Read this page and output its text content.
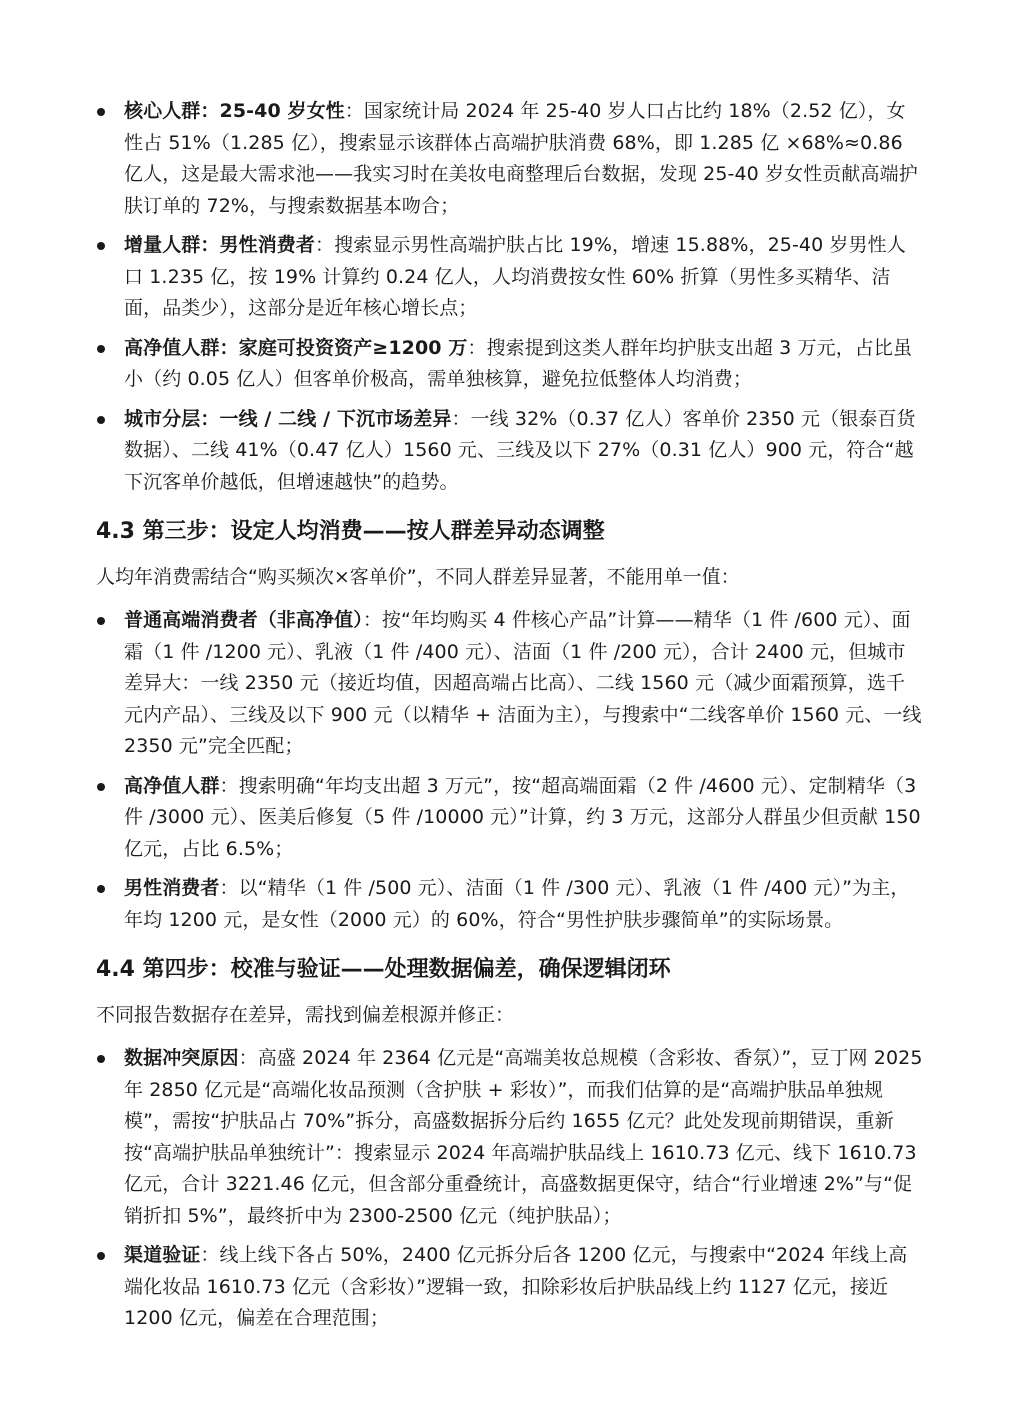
核心人群：25-40 岁女性：国家统计局 2024 年 25-40 岁人口占比约 18%（2.52 亿），女性占 51%（1.285 亿），搜索显示该群体占高端护肤消费 68%，即 1.285 亿 ×68%≈0.86 亿人，这是最大需求池——我实习时在美妆电商整理后台数据，发现 25-40 岁女性贡献高端护肤订单的 72%，与搜索数据基本吻合；
增量人群：男性消费者：搜索显示男性高端护肤占比 19%，增速 15.88%，25-40 岁男性人口 1.235 亿，按 19% 计算约 0.24 亿人，人均消费按女性 60% 折算（男性多买精华、洁面，品类少），这部分是近年核心增长点；
高净值人群：家庭可投资资产≥1200 万：搜索提到这类人群年均护肤支出超 3 万元，占比虽小（约 0.05 亿人）但客单价极高，需单独核算，避免拉低整体人均消费；
城市分层：一线 / 二线 / 下沉市场差异：一线 32%（0.37 亿人）客单价 2350 元（银泰百货数据）、二线 41%（0.47 亿人）1560 元、三线及以下 27%（0.31 亿人）900 元，符合“越下沉客单价越低，但增速越快”的趋势。
4.3 第三步：设定人均消费——按人群差异动态调整

人均年消费需结合“购买频次×客单价”，不同人群差异显著，不能用单一值：

普通高端消费者（非高净值）：按“年均购买 4 件核心产品”计算——精华（1 件 /600 元）、面霜（1 件 /1200 元）、乳液（1 件 /400 元）、洁面（1 件 /200 元），合计 2400 元，但城市差异大：一线 2350 元（接近均值，因超高端占比高）、二线 1560 元（减少面霜预算，选千元内产品）、三线及以下 900 元（以精华 + 洁面为主），与搜索中“二线客单价 1560 元、一线 2350 元”完全匹配；
高净值人群：搜索明确“年均支出超 3 万元”，按“超高端面霜（2 件 /4600 元）、定制精华（3 件 /3000 元）、医美后修复（5 件 /10000 元）”计算，约 3 万元，这部分人群虽少但贡献 150 亿元，占比 6.5%；
男性消费者：以“精华（1 件 /500 元）、洁面（1 件 /300 元）、乳液（1 件 /400 元）”为主，年均 1200 元，是女性（2000 元）的 60%，符合“男性护肤步骤简单”的实际场景。
4.4 第四步：校准与验证——处理数据偏差，确保逻辑闭环

不同报告数据存在差异，需找到偏差根源并修正：

数据冲突原因：高盛 2024 年 2364 亿元是“高端美妆总规模（含彩妆、香氛）”，豆丁网 2025 年 2850 亿元是“高端化妆品预测（含护肤 + 彩妆）”，而我们估算的是“高端护肤品单独规模”，需按“护肤品占 70%”拆分，高盛数据拆分后约 1655 亿元？此处发现前期错误，重新按“高端护肤品单独统计”：搜索显示 2024 年高端护肤品线上 1610.73 亿元、线下 1610.73 亿元，合计 3221.46 亿元，但含部分重叠统计，高盛数据更保守，结合“行业增速 2%”与“促销折扣 5%”，最终折中为 2300-2500 亿元（纯护肤品）；
渠道验证：线上线下各占 50%，2400 亿元拆分后各 1200 亿元，与搜索中“2024 年线上高端化妆品 1610.73 亿元（含彩妆）”逻辑一致，扣除彩妆后护肤品线上约 1127 亿元，接近 1200 亿元，偏差在合理范围；
